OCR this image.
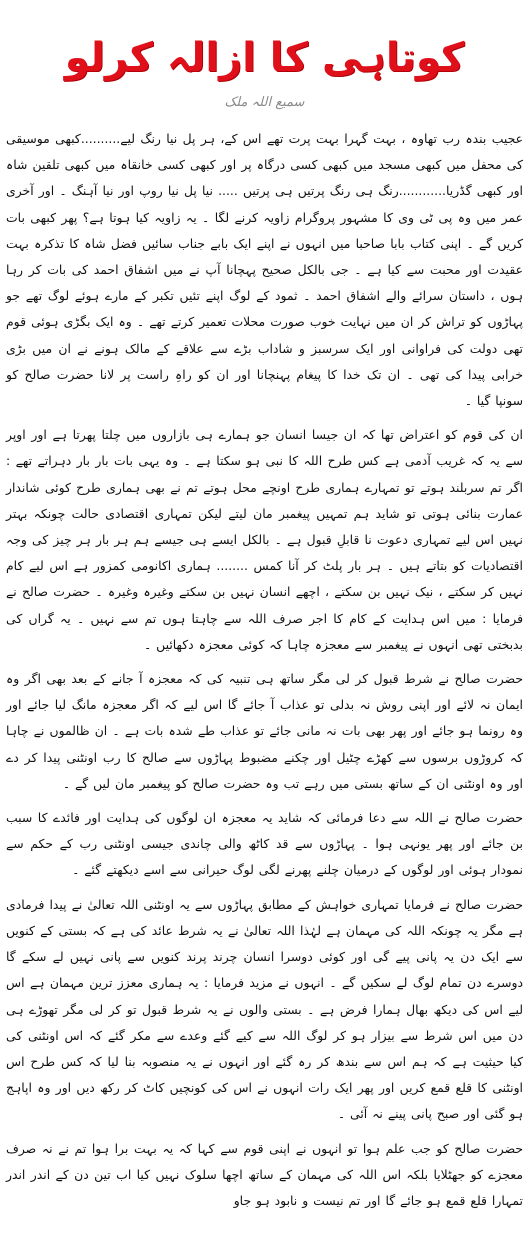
کوتاہی کا ازالہ کرلو
سمیع اللہ ملک

عجیب بندہ رب تھاوہ ، بہت گہرا بہت پرت تھے اس کے، ہر پل نیا رنگ لیے..........کبھی موسیقی کی محفل میں کبھی مسجد میں کبھی کسی درگاہ پر اور کبھی کسی خانقاہ میں کبھی تلقین شاہ اور کبھی گڈریا............رنگ ہی رنگ پرتیں ہی پرتیں ..... نیا پل نیا روپ اور نیا آہنگ ۔ اور آخری عمر میں وہ پی ٹی وی کا مشہور پروگرام زاویہ کرنے لگا ۔ یہ زاویہ کیا ہوتا ہے؟ پھر کبھی بات کریں گے ۔ اپنی کتاب بابا صاحبا میں انہوں نے اپنے ایک بابے جناب سائیں فضل شاہ کا تذکرہ بہت عقیدت اور محبت سے کیا ہے ۔ جی بالکل صحیح پہچانا آپ نے میں اشفاق احمد کی بات کر رہا ہوں ، داستان سرائے والے اشفاق احمد ۔ ثمود کے لوگ اپنے تئیں تکبر کے مارے ہوئے لوگ تھے جو پہاڑوں کو تراش کر ان میں نہایت خوب صورت محلات تعمیر کرتے تھے ۔ وہ ایک بگڑی ہوئی قوم تھی دولت کی فراوانی اور ایک سرسبز و شاداب بڑے سے علاقے کے مالک ہونے نے ان میں بڑی خرابی پیدا کی تھی ۔ ان تک خدا کا پیغام پہنچانا اور ان کو راہِ راست پر لانا حضرت صالح کو سونپا گیا ۔

ان کی قوم کو اعتراض تھا کہ ان جیسا انسان جو ہمارے ہی بازاروں میں چلتا پھرتا ہے اور اوپر سے یہ کہ غریب آدمی ہے کس طرح اللہ کا نبی ہو سکتا ہے ۔ وہ یہی بات بار بار دہراتے تھے : اگر تم سربلند ہوتے تو تمہارے ہماری طرح اونچے محل ہوتے تم نے بھی ہماری طرح کوئی شاندار عمارت بنائی ہوتی تو شاید ہم تمہیں پیغمبر مان لیتے لیکن تمہاری اقتصادی حالت چونکہ بہتر نہیں اس لیے تمہاری دعوت نا قابلِ قبول ہے ۔ بالکل ایسے ہی جیسے ہم ہر بار ہر چیز کی وجہ اقتصادیات کو بتاتے ہیں ۔ ہر بار پلٹ کر آنا کمس ........ ہماری اکانومی کمزور ہے اس لیے کام نہیں کر سکتے ، نیک نہیں بن سکتے ، اچھے انسان نہیں بن سکتے وغیرہ وغیرہ ۔ حضرت صالح نے فرمایا : میں اس ہدایت کے کام کا اجر صرف اللہ سے چاہتا ہوں تم سے نہیں ۔ یہ گراں کی بدبختی تھی انہوں نے پیغمبر سے معجزہ چاہا کہ کوئی معجزہ دکھائیں ۔

حضرت صالح نے شرط قبول کر لی مگر ساتھ ہی تنبیہ کی کہ معجزہ آ جانے کے بعد بھی اگر وہ ایمان نہ لائے اور اپنی روش نہ بدلی تو عذاب آ جائے گا اس لیے کہ اگر معجزہ مانگ لیا جائے اور وہ رونما ہو جائے اور پھر بھی بات نہ مانی جائے تو عذاب طے شدہ بات ہے ۔ ان ظالموں نے چاہا کہ کروڑوں برسوں سے کھڑے چٹیل اور چکنے مضبوط پہاڑوں سے صالح کا رب اونٹنی پیدا کر دے اور وہ اونٹنی ان کے ساتھ بستی میں رہے تب وہ حضرت صالح کو پیغمبر مان لیں گے ۔

حضرت صالح نے اللہ سے دعا فرمائی کہ شاید یہ معجزہ ان لوگوں کی ہدایت اور فائدے کا سبب بن جائے اور پھر یونہی ہوا ۔ پہاڑوں سے قد کاٹھ والی چاندی جیسی اونٹنی رب کے حکم سے نمودار ہوئی اور لوگوں کے درمیان چلنے پھرنے لگی لوگ حیرانی سے اسے دیکھتے گئے ۔

حضرت صالح نے فرمایا تمہاری خواہش کے مطابق پہاڑوں سے یہ اونٹنی اللہ تعالیٰ نے پیدا فرمادی ہے مگر یہ چونکہ اللہ کی مہمان ہے لہٰذا اللہ تعالیٰ نے یہ شرط عائد کی ہے کہ بستی کے کنویں سے ایک دن یہ پانی پیے گی اور کوئی دوسرا انسان چرند پرند کنویں سے پانی نہیں لے سکے گا دوسرے دن تمام لوگ لے سکیں گے ۔ انہوں نے مزید فرمایا : یہ ہماری معزز ترین مہمان ہے اس لیے اس کی دیکھ بھال ہمارا فرض ہے ۔ بستی والوں نے یہ شرط قبول تو کر لی مگر تھوڑے ہی دن میں اس شرط سے بیزار ہو کر لوگ اللہ سے کیے گئے وعدے سے مکر گئے کہ اس اونٹنی کی کیا حیثیت ہے کہ ہم اس سے بندھ کر رہ گئے اور انہوں نے یہ منصوبہ بنا لیا کہ کس طرح اس اونٹنی کا قلع قمع کریں اور پھر ایک رات انہوں نے اس کی کونچیں کاٹ کر رکھ دیں اور وہ اپاہج ہو گئی اور صبح پانی پینے نہ آئی ۔

حضرت صالح کو جب علم ہوا تو انہوں نے اپنی قوم سے کہا کہ یہ بہت برا ہوا تم نے نہ صرف معجزے کو جھٹلایا بلکہ اس اللہ کی مہمان کے ساتھ اچھا سلوک نہیں کیا اب تین دن کے اندر اندر تمہارا قلع قمع ہو جائے گا اور تم نیست و نابود ہو جاو
